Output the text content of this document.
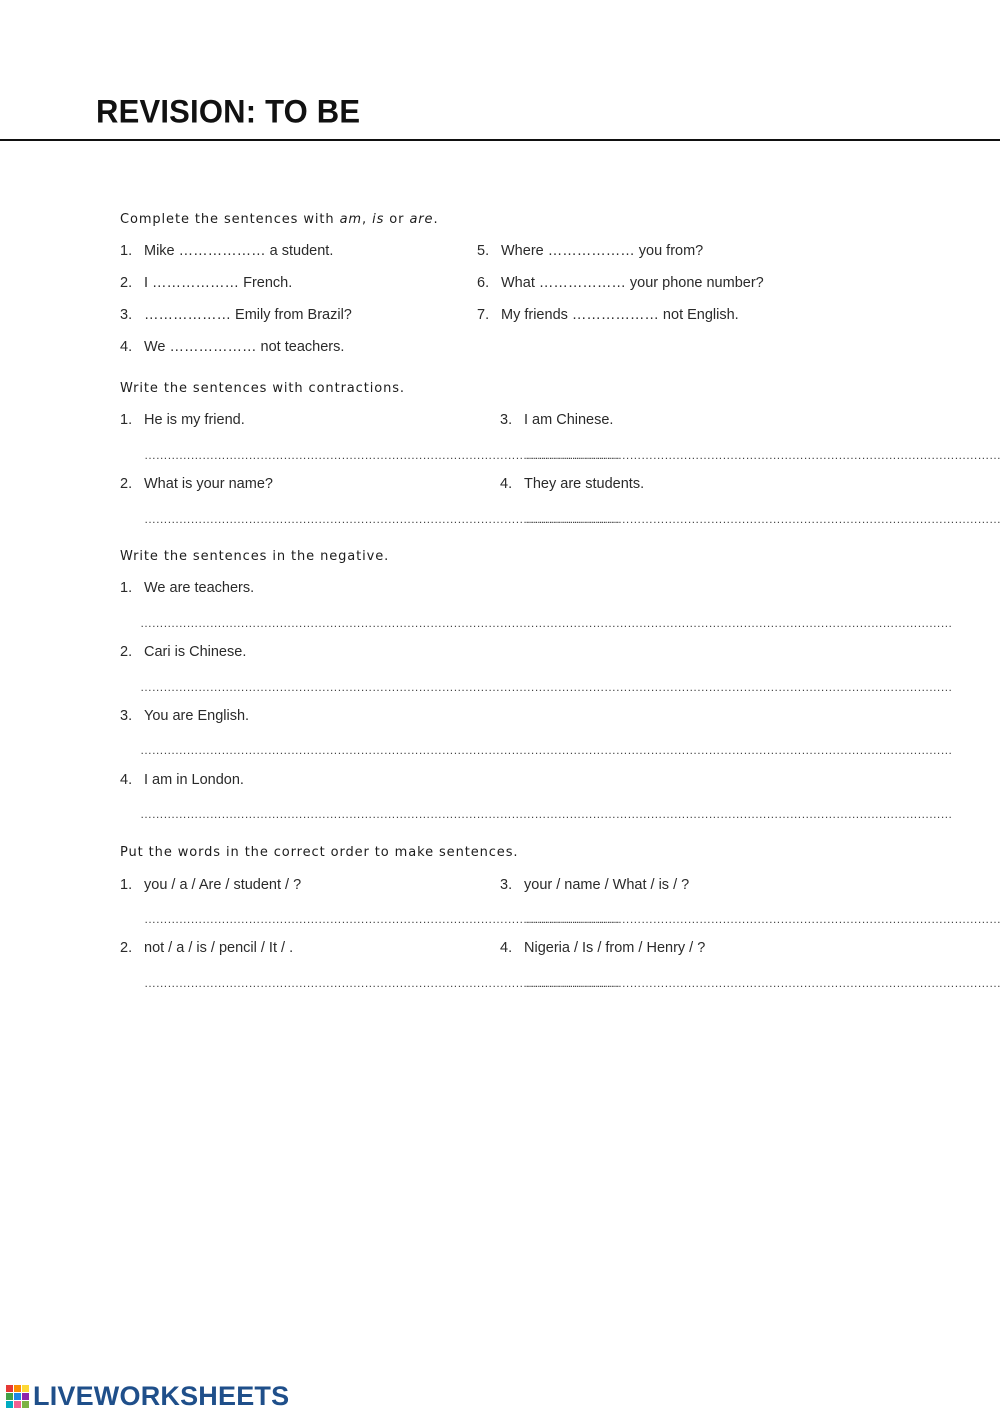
REVISION: TO BE
Complete the sentences with am, is or are.
1. Mike ……………… a student.
2. I ……………… French.
3. ……………… Emily from Brazil?
4. We ……………… not teachers.
5. Where ……………… you from?
6. What ……………… your phone number?
7. My friends ……………… not English.
Write the sentences with contractions.
1. He is my friend.
……………………………………………………………………………………………………………
2. What is your name?
……………………………………………………………………………………………………………
3. I am Chinese.
……………………………………………………………………………………………………………
4. They are students.
……………………………………………………………………………………………………………
Write the sentences in the negative.
1. We are teachers.
…………………………………………………………………………………………………………………………………………………………………………………………
2. Cari is Chinese.
…………………………………………………………………………………………………………………………………………………………………………………………
3. You are English.
…………………………………………………………………………………………………………………………………………………………………………………………
4. I am in London.
…………………………………………………………………………………………………………………………………………………………………………………………
Put the words in the correct order to make sentences.
1. you / a / Are / student / ?
……………………………………………………………………………………………………………
2. not / a / is / pencil / It / .
……………………………………………………………………………………………………………
3. your / name / What / is / ?
……………………………………………………………………………………………………………
4. Nigeria / Is / from / Henry / ?
……………………………………………………………………………………………………………
LIVEWORKSHEETS
